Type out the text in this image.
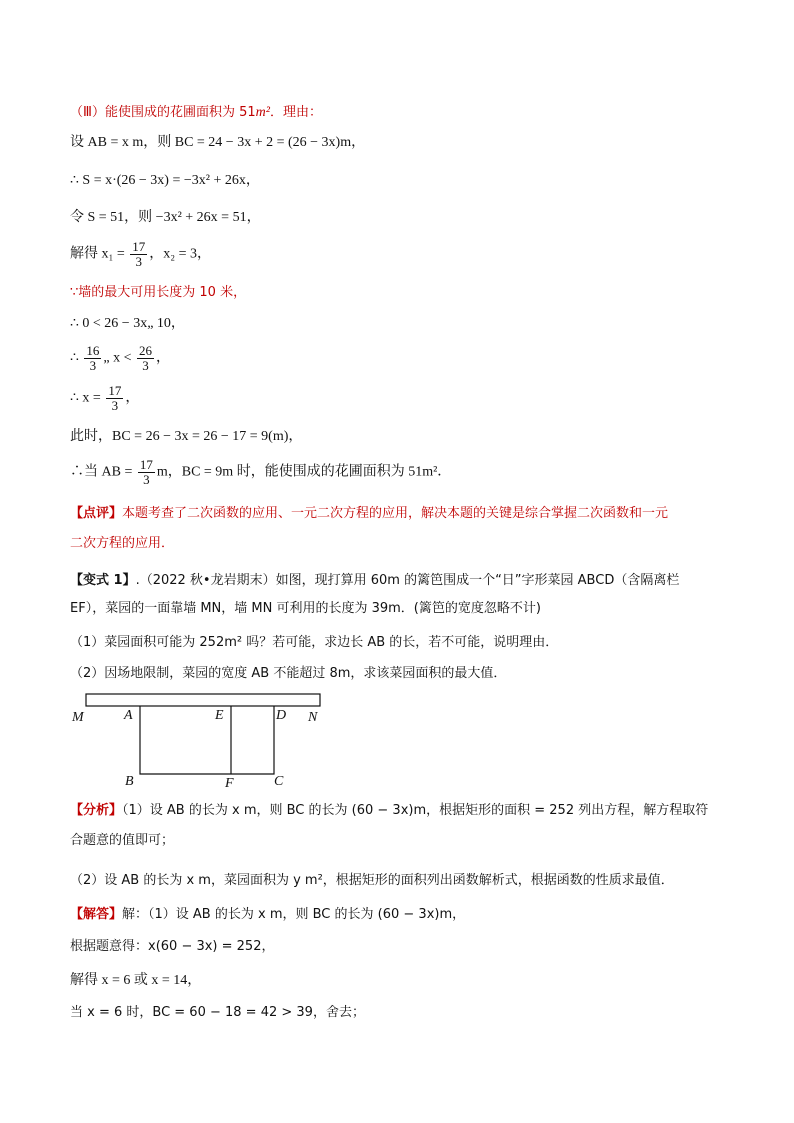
（Ⅲ）能使围成的花圃面积为 51m²．理由：
设 AB = x m，则 BC = 24 − 3x + 2 = (26 − 3x)m，
∴ S = x·(26 − 3x) = −3x² + 26x，
令 S = 51，则 −3x² + 26x = 51，
解得 $x_1 = \frac{17}{3}$ ，x₂ = 3，
∵墙的最大可用长度为 10 米，
∴ 0 < 26 − 3x„ 10，
∴ $\frac{16}{3}$ „ $x < \frac{26}{3}$ ，
∴ $x = \frac{17}{3}$ ，
此时，BC = 26 − 3x = 26 − 17 = 9(m)，
∴当 AB = $\frac{17}{3}$ m，BC = 9m 时，能使围成的花圃面积为 51m²．
【点评】本题考查了二次函数的应用、一元二次方程的应用，解决本题的关键是综合掌握二次函数和一元
二次方程的应用．
【变式 1】.（2022 秋•龙岩期末）如图，现打算用 60m 的篱笆围成一个“日”字形菜园 ABCD（含隔离栏
EF），菜园的一面靠墙 MN，墙 MN 可利用的长度为 39m．(篱笆的宽度忽略不计)
（1）菜园面积可能为 252m² 吗？若可能，求边长 AB 的长，若不可能，说明理由．
（2）因场地限制，菜园的宽度 AB 不能超过 8m，求该菜园面积的最大值．
M	A	E	D N
B	F	C
【分析】（1）设 AB 的长为 x m，则 BC 的长为 (60 − 3x)m，根据矩形的面积 = 252 列出方程，解方程取符
合题意的值即可；
（2）设 AB 的长为 x m，菜园面积为 y m²，根据矩形的面积列出函数解析式，根据函数的性质求最值．
【解答】解：（1）设 AB 的长为 x m，则 BC 的长为 (60 − 3x)m，
根据题意得：x(60 − 3x) = 252，
解得 x = 6 或 x = 14，
当 x = 6 时，BC = 60 − 18 = 42 > 39，舍去；
